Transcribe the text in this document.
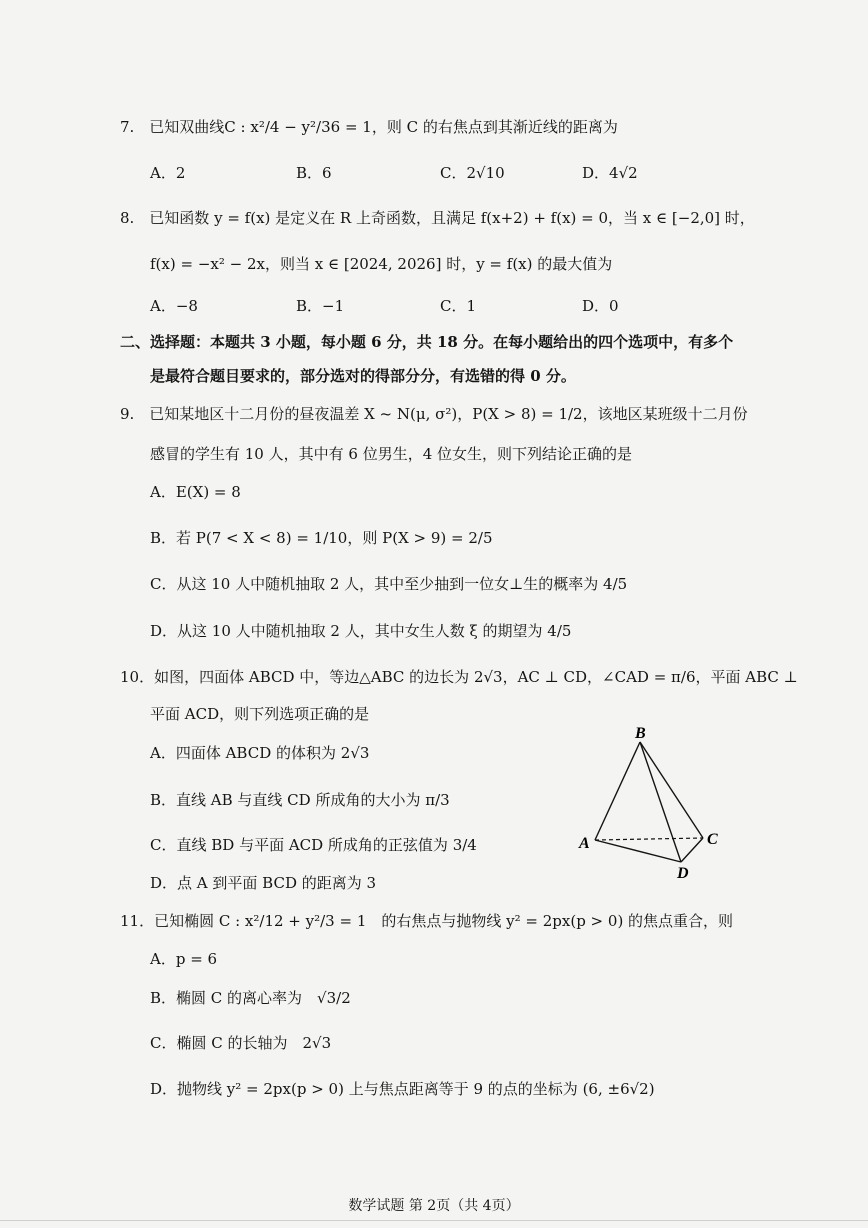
7.　已知双曲线C : x²/4 − y²/36 = 1，则 C 的右焦点到其渐近线的距离为
A．2	B．6	C．2√10	D．4√2
8.　已知函数 y = f(x) 是定义在 R 上奇函数，且满足 f(x+2) + f(x) = 0，当 x ∈ [−2,0] 时，
f(x) = −x² − 2x，则当 x ∈ [2024, 2026] 时，y = f(x) 的最大值为
A．−8	B．−1	C．1	D．0
二、选择题：本题共 3 小题，每小题 6 分，共 18 分。在每小题给出的四个选项中，有多个
是最符合题目要求的，部分选对的得部分分，有选错的得 0 分。
9.　已知某地区十二月份的昼夜温差 X ~ N(μ, σ²)，P(X > 8) = 1/2，该地区某班级十二月份
感冒的学生有 10 人，其中有 6 位男生，4 位女生，则下列结论正确的是
A．E(X) = 8
B．若 P(7 < X < 8) = 1/10，则 P(X > 9) = 2/5
C．从这 10 人中随机抽取 2 人，其中至少抽到一位女⊥生的概率为 4/5
D．从这 10 人中随机抽取 2 人，其中女生人数 ξ 的期望为 4/5
10．如图，四面体 ABCD 中，等边△ABC 的边长为 2√3，AC ⊥ CD，∠CAD = π/6，平面 ABC ⊥
平面 ACD，则下列选项正确的是
A．四面体 ABCD 的体积为 2√3
B．直线 AB 与直线 CD 所成角的大小为 π/3
C．直线 BD 与平面 ACD 所成角的正弦值为 3/4
D．点 A 到平面 BCD 的距离为 3
B
A	C
D
11．已知椭圆 C : x²/12 + y²/3 = 1　的右焦点与抛物线 y² = 2px(p > 0) 的焦点重合，则
A．p = 6
B．椭圆 C 的离心率为　√3/2
C．椭圆 C 的长轴为　2√3
D．抛物线 y² = 2px(p > 0) 上与焦点距离等于 9 的点的坐标为 (6, ±6√2)
数学试题 第 2页（共 4页）
